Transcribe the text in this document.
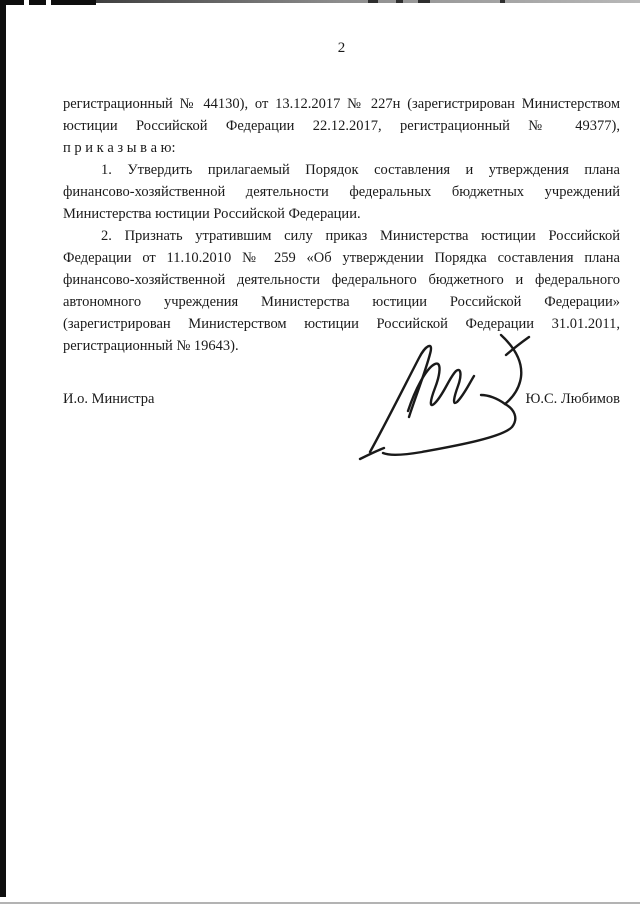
2
регистрационный № 44130), от 13.12.2017 № 227н (зарегистрирован Министерством
юстиции Российской Федерации 22.12.2017, регистрационный № 49377),
п р и к а з ы в а ю:
1. Утвердить прилагаемый Порядок составления и утверждения плана
финансово-хозяйственной деятельности федеральных бюджетных учреждений
Министерства юстиции Российской Федерации.
2. Признать утратившим силу приказ Министерства юстиции Российской
Федерации от 11.10.2010 № 259 «Об утверждении Порядка составления плана
финансово-хозяйственной деятельности федерального бюджетного и федерального
автономного учреждения Министерства юстиции Российской Федерации»
(зарегистрирован Министерством юстиции Российской Федерации 31.01.2011,
регистрационный № 19643).
И.о. Министра	Ю.С. Любимов
